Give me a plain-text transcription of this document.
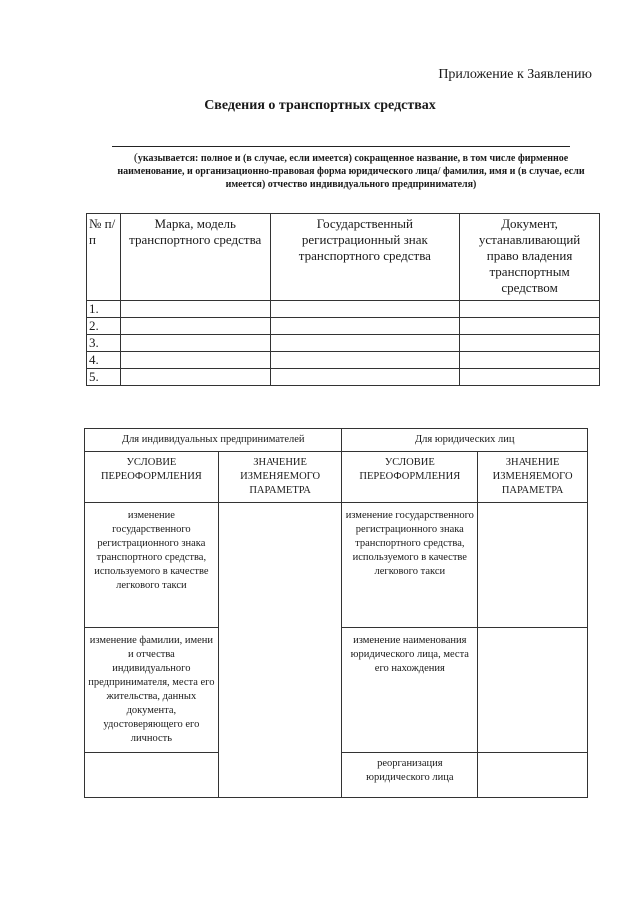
Приложение к Заявлению
Сведения о транспортных средствах
(указывается: полное и (в случае, если имеется) сокращенное название, в том числе фирменное наименование, и организационно-правовая форма юридического лица/ фамилия, имя и (в случае, если имеется) отчество индивидуального предпринимателя)
№ п/п	Марка, модель транспортного средства	Государственный регистрационный знак транспортного средства	Документ, устанавливающий право владения транспортным средством
1.			
2.			
3.			
4.			
5.			
Для индивидуальных предпринимателей		Для юридических лиц	
УСЛОВИЕ ПЕРЕОФОРМЛЕНИЯ	ЗНАЧЕНИЕ ИЗМЕНЯЕМОГО ПАРАМЕТРА	УСЛОВИЕ ПЕРЕОФОРМЛЕНИЯ	ЗНАЧЕНИЕ ИЗМЕНЯЕМОГО ПАРАМЕТРА
изменение государственного регистрационного знака транспортного средства, используемого в качестве легкового такси		изменение государственного регистрационного знака транспортного средства, используемого в качестве легкового такси	
изменение фамилии, имени и отчества индивидуального предпринимателя, места его жительства, данных документа, удостоверяющего его личность		изменение наименования юридического лица, места его нахождения	
		реорганизация юридического лица	
